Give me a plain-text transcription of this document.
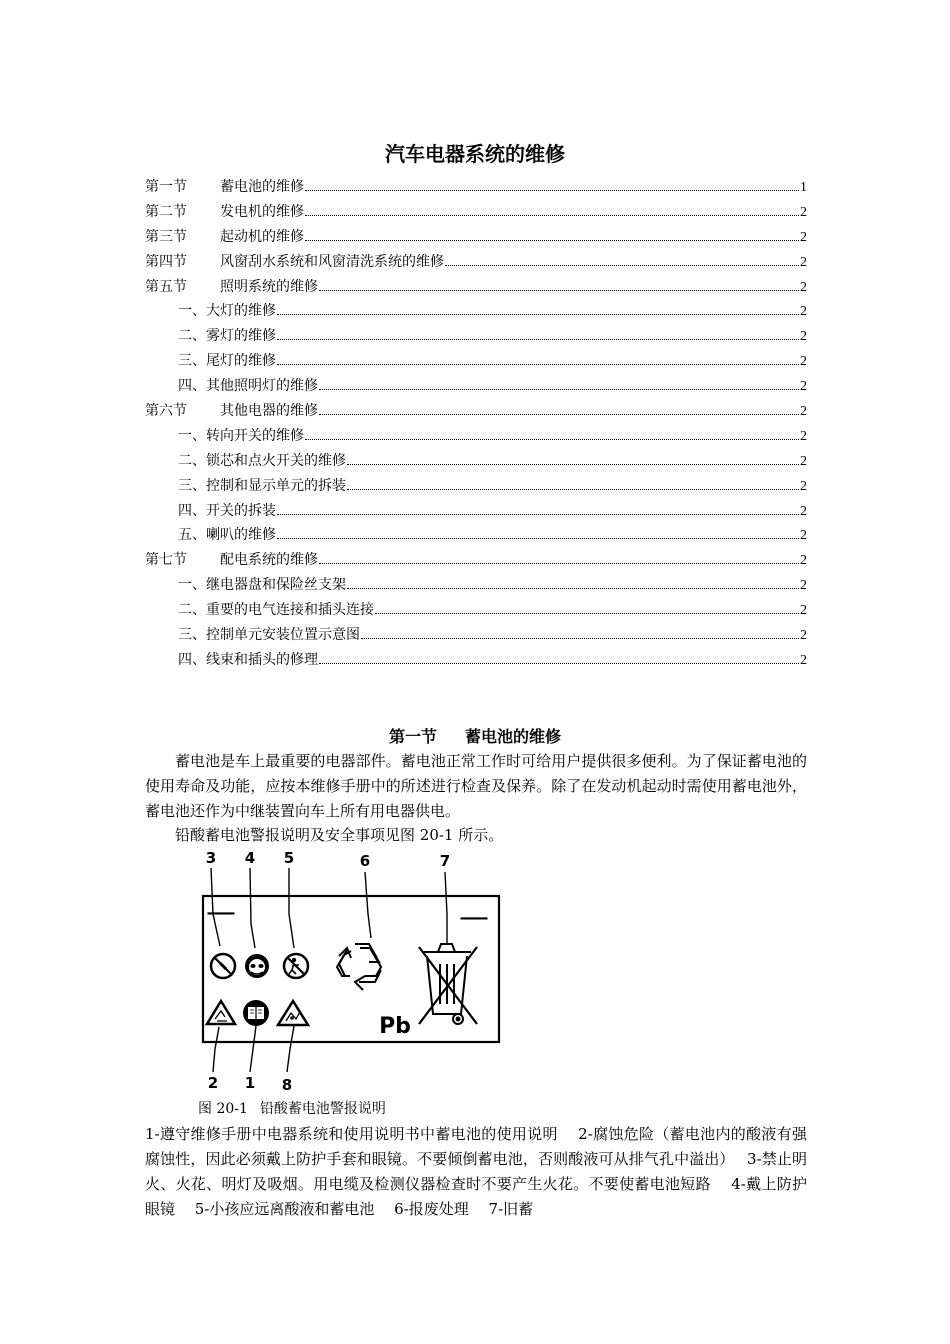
汽车电器系统的维修
第一节	蓄电池的维修	1
第二节	发电机的维修	2
第三节	起动机的维修	2
第四节	风窗刮水系统和风窗清洗系统的维修	2
第五节	照明系统的维修	2
一、大灯的维修	2
二、雾灯的维修	2
三、尾灯的维修	2
四、其他照明灯的维修	2
第六节	其他电器的维修	2
一、转向开关的维修	2
二、锁芯和点火开关的维修	2
三、控制和显示单元的拆装	2
四、开关的拆装	2
五、喇叭的维修	2
第七节	配电系统的维修	2
一、继电器盘和保险丝支架	2
二、重要的电气连接和插头连接	2
三、控制单元安装位置示意图	2
四、线束和插头的修理	2
第一节 蓄电池的维修
蓄电池是车上最重要的电器部件。蓄电池正常工作时可给用户提供很多便利。为了保证蓄电池的使用寿命及功能，应按本维修手册中的所述进行检查及保养。除了在发动机起动时需使用蓄电池外，蓄电池还作为中继装置向车上所有用电器供电。
铅酸蓄电池警报说明及安全事项见图 20-1 所示。
3 4 5	6	7
—	—
Pb
2 1 8
图 20-1 铅酸蓄电池警报说明
1-遵守维修手册中电器系统和使用说明书中蓄电池的使用说明　 2-腐蚀危险（蓄电池内的酸液有强腐蚀性，因此必须戴上防护手套和眼镜。不要倾倒蓄电池，否则酸液可从排气孔中溢出）　 3-禁止明火、火花、明灯及吸烟。用电缆及检测仪器检查时不要产生火花。不要使蓄电池短路　 4-戴上防护眼镜　 5-小孩应远离酸液和蓄电池　 6-报废处理　 7-旧蓄
